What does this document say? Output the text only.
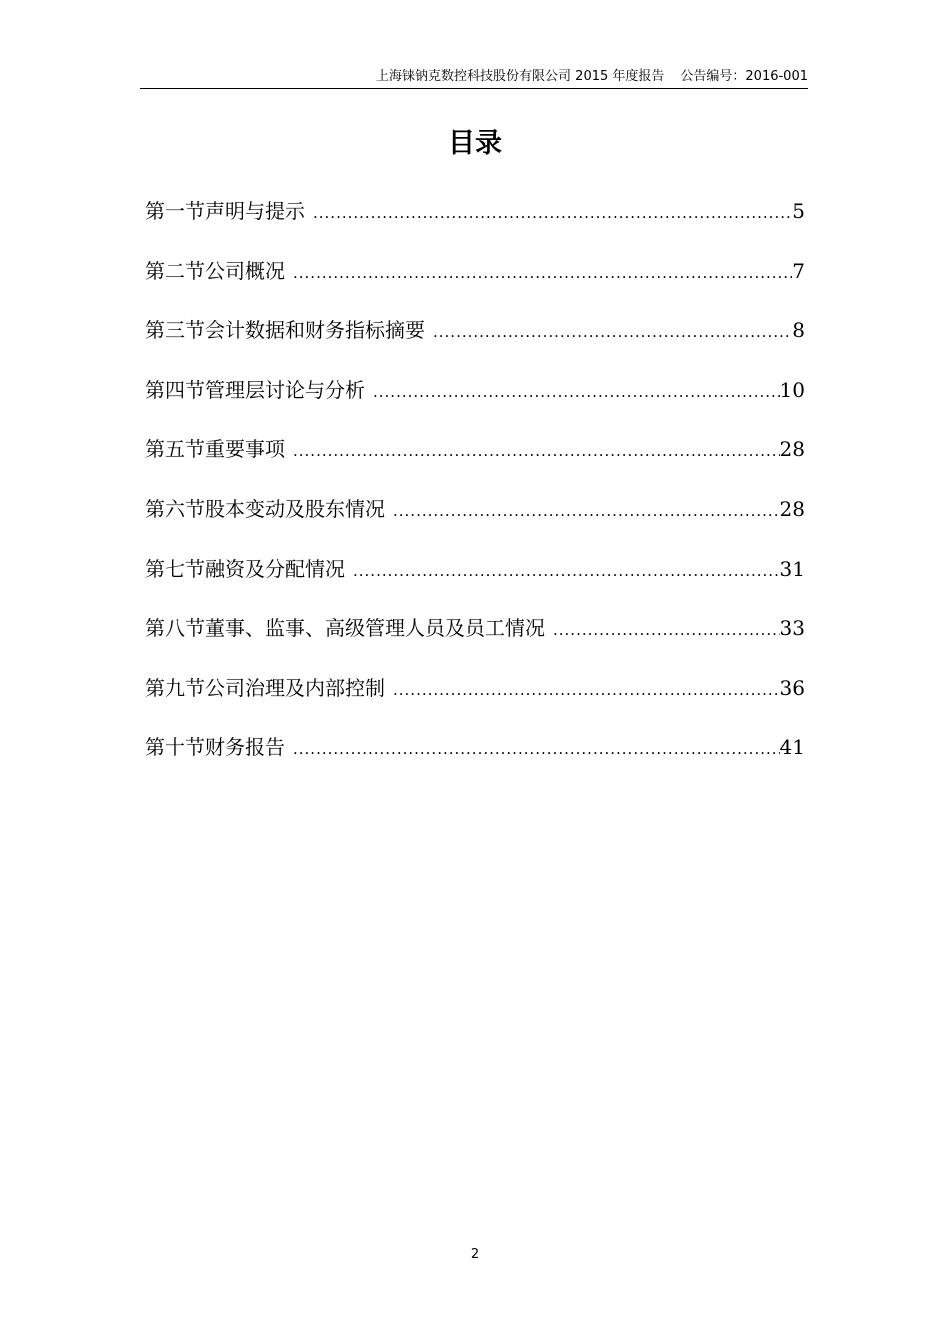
上海铼钠克数控科技股份有限公司 2015 年度报告 公告编号：2016-001
目录
第一节声明与提示 .....	5
第二节公司概况 .....	7
第三节会计数据和财务指标摘要 .....	8
第四节管理层讨论与分析 .....	10
第五节重要事项 .....	28
第六节股本变动及股东情况 .....	28
第七节融资及分配情况 .....	31
第八节董事、监事、高级管理人员及员工情况 .....	33
第九节公司治理及内部控制 .....	36
第十节财务报告 .....	41
2
